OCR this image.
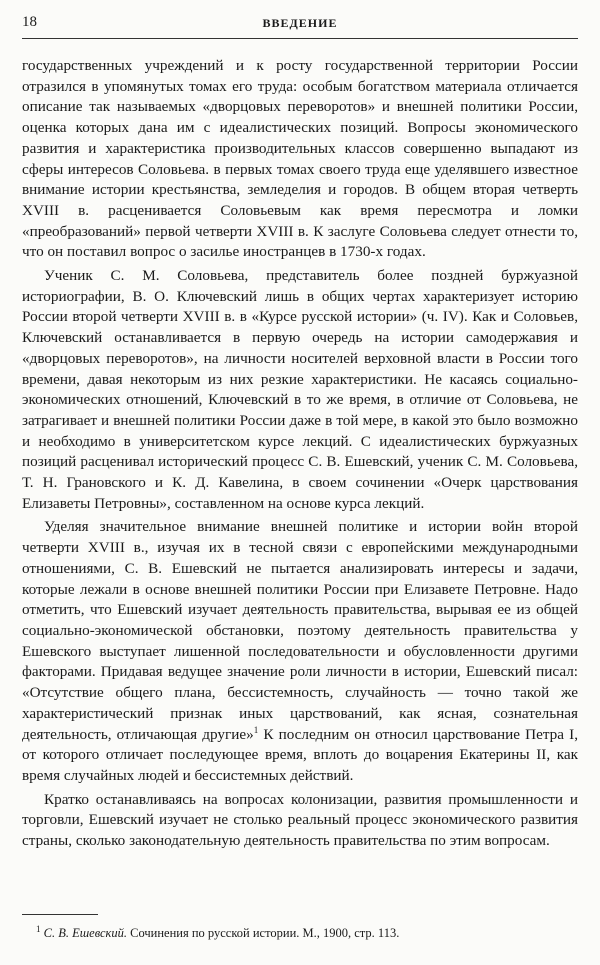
18	ВВЕДЕНИЕ

государственных учреждений и к росту государственной территории России отразился в упомянутых томах его труда: особым богатством материала отличается описание так называемых «дворцовых переворотов» и внешней политики России, оценка которых дана им с идеалистических позиций. Вопросы экономического развития и характеристика производительных классов совершенно выпадают из сферы интересов Соловьева. в первых томах своего труда еще уделявшего известное внимание истории крестьянства, земледелия и городов. В общем вторая четверть XVIII в. расценивается Соловьевым как время пересмотра и ломки «преобразований» первой четверти XVIII в. К заслуге Соловьева следует отнести то, что он поставил вопрос о засилье иностранцев в 1730-х годах.

Ученик С. М. Соловьева, представитель более поздней буржуазной историографии, В. О. Ключевский лишь в общих чертах характеризует историю России второй четверти XVIII в. в «Курсе русской истории» (ч. IV). Как и Соловьев, Ключевский останавливается в первую очередь на истории самодержавия и «дворцовых переворотов», на личности носителей верховной власти в России того времени, давая некоторым из них резкие характеристики. Не касаясь социально-экономических отношений, Ключевский в то же время, в отличие от Соловьева, не затрагивает и внешней политики России даже в той мере, в какой это было возможно и необходимо в университетском курсе лекций. С идеалистических буржуазных позиций расценивал исторический процесс С. В. Ешевский, ученик С. М. Соловьева, Т. Н. Грановского и К. Д. Кавелина, в своем сочинении «Очерк царствования Елизаветы Петровны», составленном на основе курса лекций.

Уделяя значительное внимание внешней политике и истории войн второй четверти XVIII в., изучая их в тесной связи с европейскими международными отношениями, С. В. Ешевский не пытается анализировать интересы и задачи, которые лежали в основе внешней политики России при Елизавете Петровне. Надо отметить, что Ешевский изучает деятельность правительства, вырывая ее из общей социально-экономической обстановки, поэтому деятельность правительства у Ешевского выступает лишенной последовательности и обусловленности другими факторами. Придавая ведущее значение роли личности в истории, Ешевский писал: «Отсутствие общего плана, бессистемность, случайность — точно такой же характеристический признак иных царствований, как ясная, сознательная деятельность, отличающая другие»$^1$ К последним он относил царствование Петра I, от которого отличает последующее время, вплоть до воцарения Екатерины II, как время случайных людей и бессистемных действий.

Кратко останавливаясь на вопросах колонизации, развития промышленности и торговли, Ешевский изучает не столько реальный процесс экономического развития страны, сколько законодательную деятельность правительства по этим вопросам.

$^1$ С. В. Ешевский. Сочинения по русской истории. М., 1900, стр. 113.
